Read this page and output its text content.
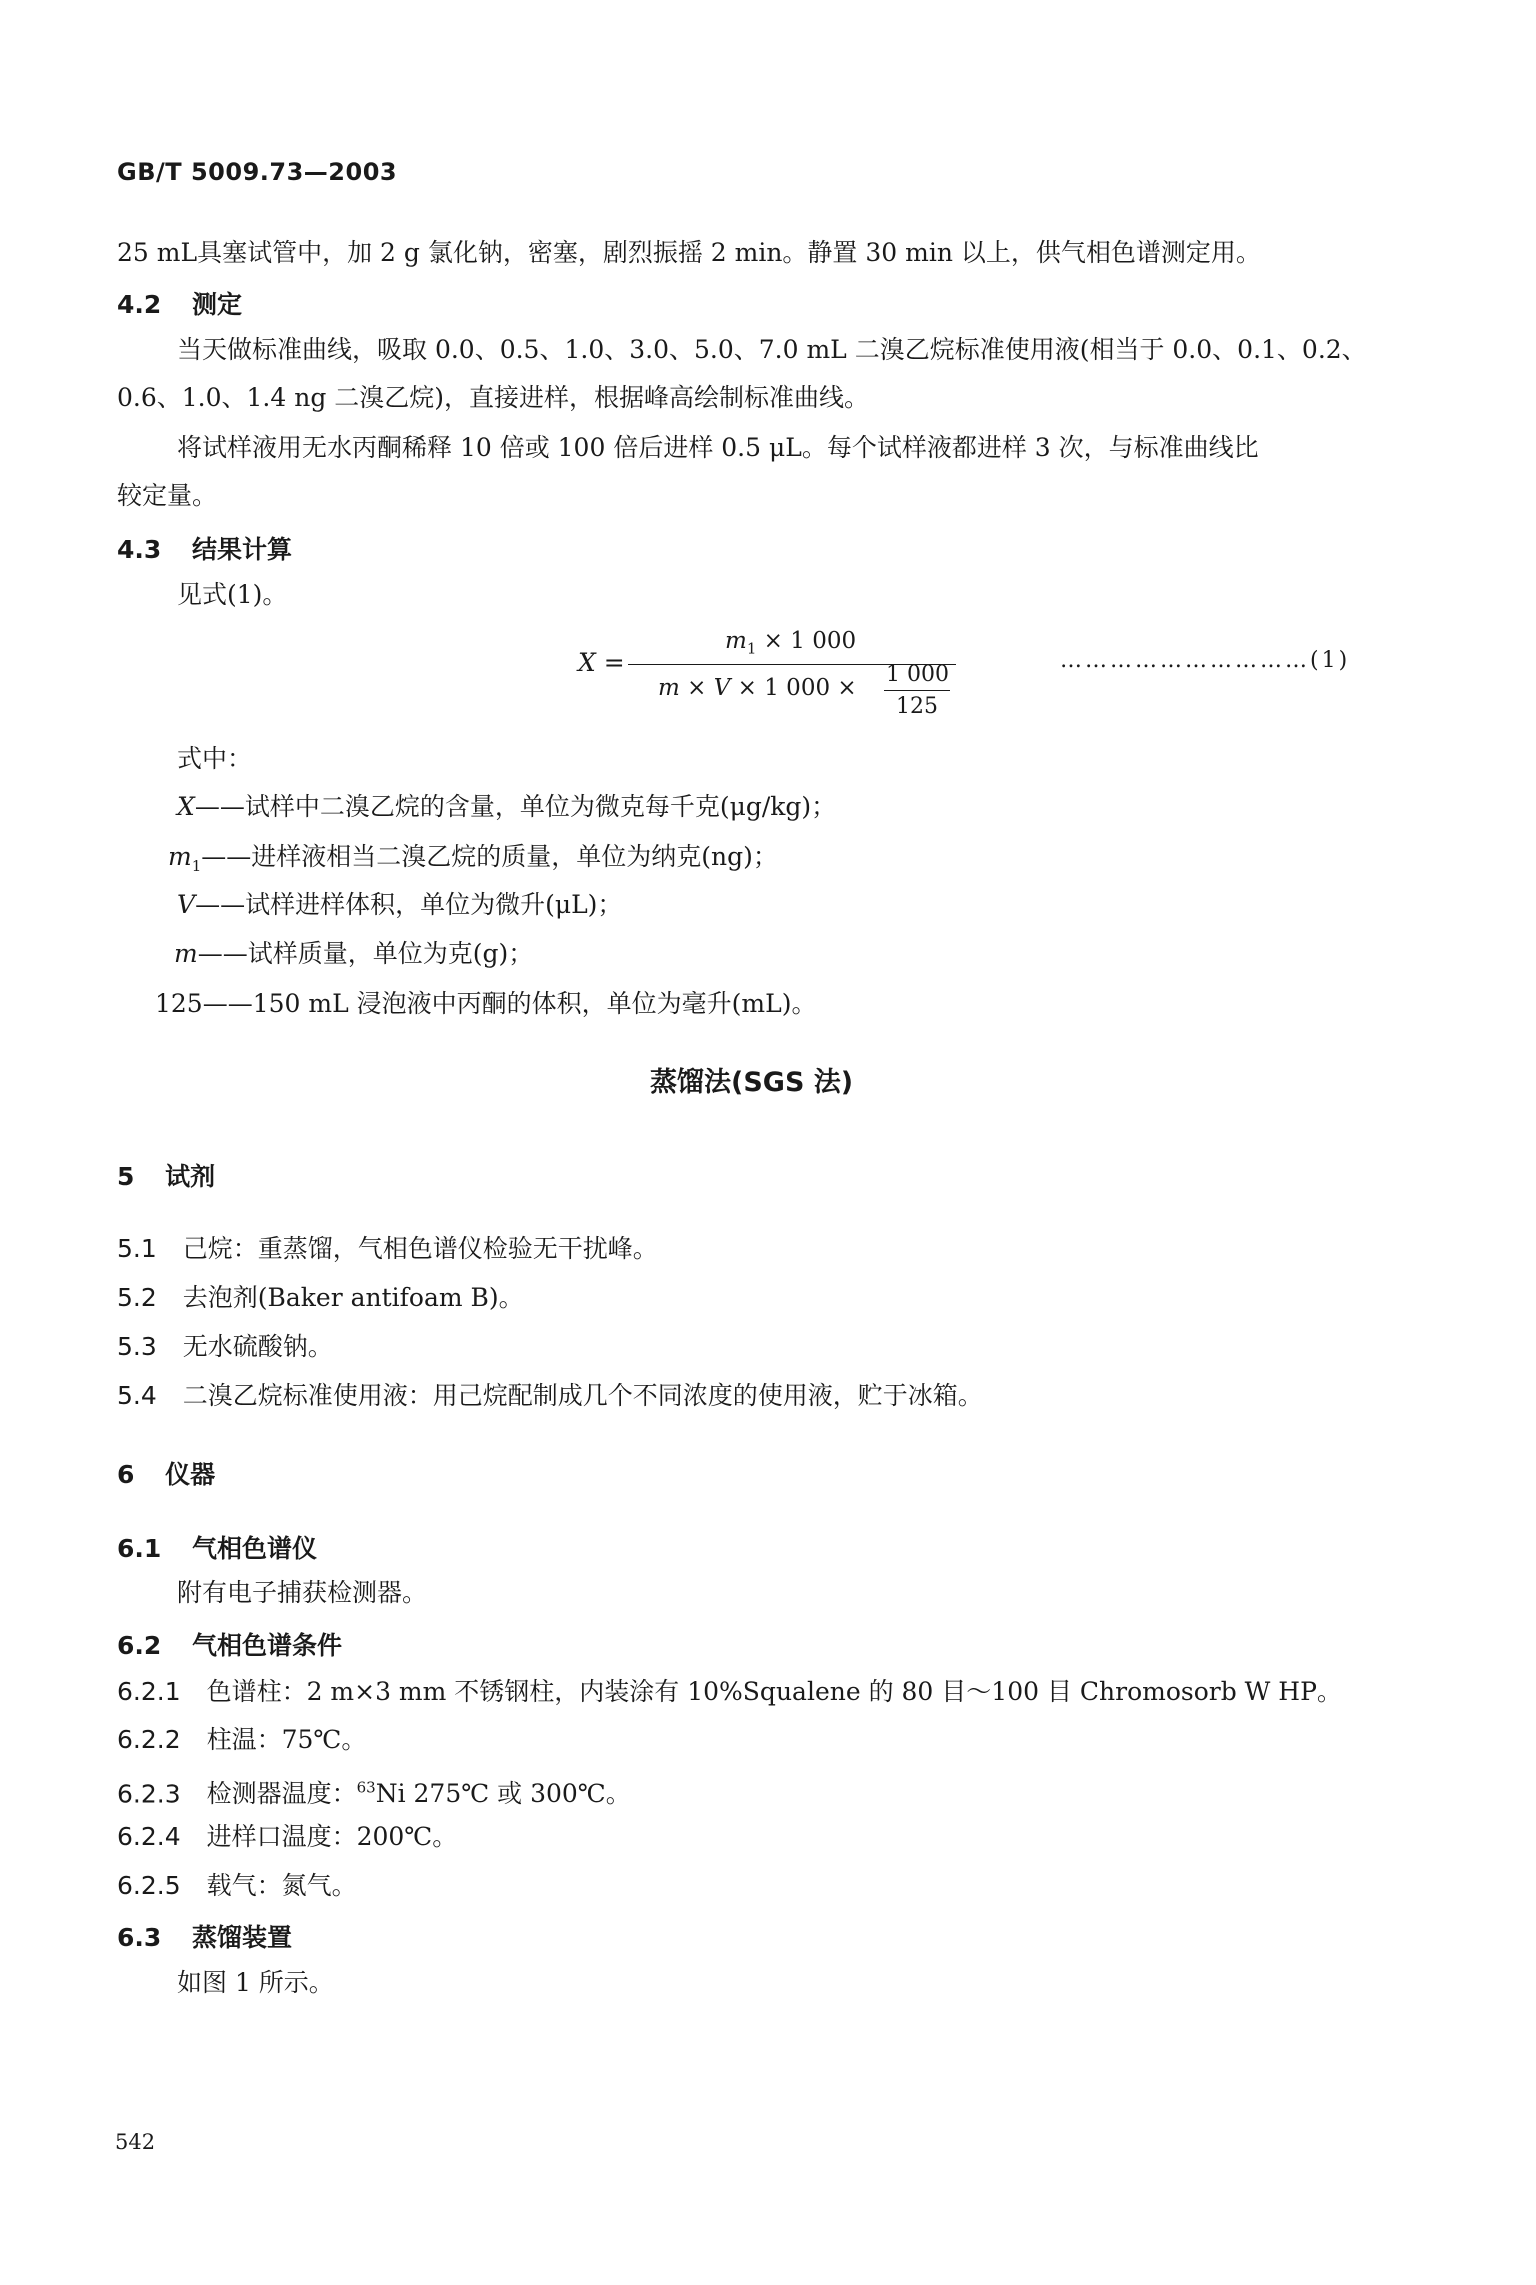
GB/T 5009.73—2003
25 mL具塞试管中，加 2 g 氯化钠，密塞，剧烈振摇 2 min。静置 30 min 以上，供气相色谱测定用。
4.2 测定
当天做标准曲线，吸取 0.0、0.5、1.0、3.0、5.0、7.0 mL 二溴乙烷标准使用液(相当于 0.0、0.1、0.2、
0.6、1.0、1.4 ng 二溴乙烷)，直接进样，根据峰高绘制标准曲线。
将试样液用无水丙酮稀释 10 倍或 100 倍后进样 0.5 μL。每个试样液都进样 3 次，与标准曲线比
较定量。
4.3 结果计算
见式(1)。
X =
$m_1 \times 1$ 000
m × V × 1 000 ×
1 000
125
…………………………(1)
式中：
X——试样中二溴乙烷的含量，单位为微克每千克(μg/kg)；
$m_1——$进样液相当二溴乙烷的质量，单位为纳克(ng)；
V——试样进样体积，单位为微升(μL)；
m——试样质量，单位为克(g)；
125——150 mL 浸泡液中丙酮的体积，单位为毫升(mL)。
蒸馏法(SGS 法)
5 试剂
5.1 己烷：重蒸馏，气相色谱仪检验无干扰峰。
5.2 去泡剂(Baker antifoam B)。
5.3 无水硫酸钠。
5.4 二溴乙烷标准使用液：用己烷配制成几个不同浓度的使用液，贮于冰箱。
6 仪器
6.1 气相色谱仪
附有电子捕获检测器。
6.2 气相色谱条件
6.2.1 色谱柱：2 m×3 mm 不锈钢柱，内装涂有 10%Squalene 的 80 目～100 目 Chromosorb W HP。
6.2.2 柱温：75℃。
6.2.3 检测器温度：$^{63}$Ni 275℃ 或 300℃。
6.2.4 进样口温度：200℃。
6.2.5 载气：氮气。
6.3 蒸馏装置
如图 1 所示。
542
